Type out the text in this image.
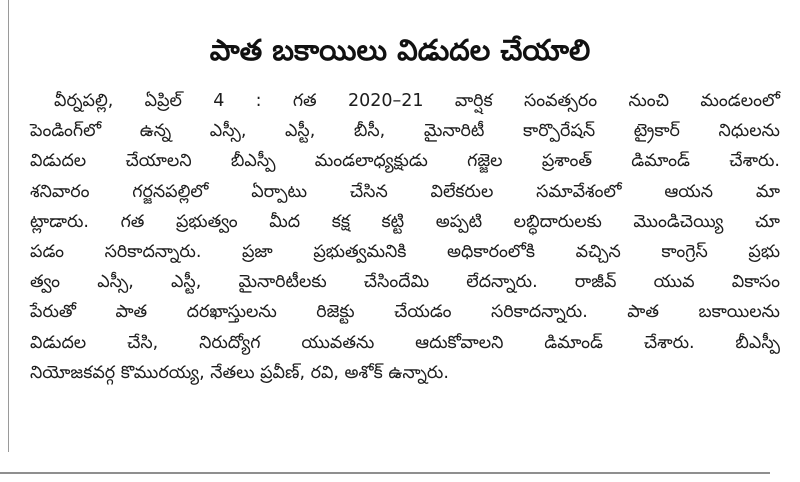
పాత బకాయిలు విడుదల చేయాలి
వీర్నపల్లి, ఏప్రిల్ 4 : గత 2020–21 వార్షిక సంవత్సరం నుంచి మండలంలో
పెండింగ్‌లో ఉన్న ఎస్సీ, ఎస్టీ, బీసీ, మైనారిటీ కార్పొరేషన్ ట్రైకార్ నిధులను
విడుదల చేయాలని బీఎస్పీ మండలాధ్యక్షుడు గజ్జెల ప్రశాంత్ డిమాండ్ చేశారు.
శనివారం గర్జనపల్లిలో ఏర్పాటు చేసిన విలేకరుల సమావేశంలో ఆయన మా
ట్లాడారు. గత ప్రభుత్వం మీద కక్ష కట్టి అప్పటి లబ్ధిదారులకు మొండిచెయ్యి చూ
పడం సరికాదన్నారు. ప్రజా ప్రభుత్వమనికి అధికారంలోకి వచ్చిన కాంగ్రెస్ ప్రభు
త్వం ఎస్సీ, ఎస్టీ, మైనారిటీలకు చేసిందేమి లేదన్నారు. రాజీవ్ యువ వికాసం
పేరుతో పాత దరఖాస్తులను రిజెక్టు చేయడం సరికాదన్నారు. పాత బకాయిలను
విడుదల చేసి, నిరుద్యోగ యువతను ఆదుకోవాలని డిమాండ్ చేశారు. బీఎస్పీ
నియోజకవర్గ కొమురయ్య, నేతలు ప్రవీణ్, రవి, అశోక్ ఉన్నారు.
